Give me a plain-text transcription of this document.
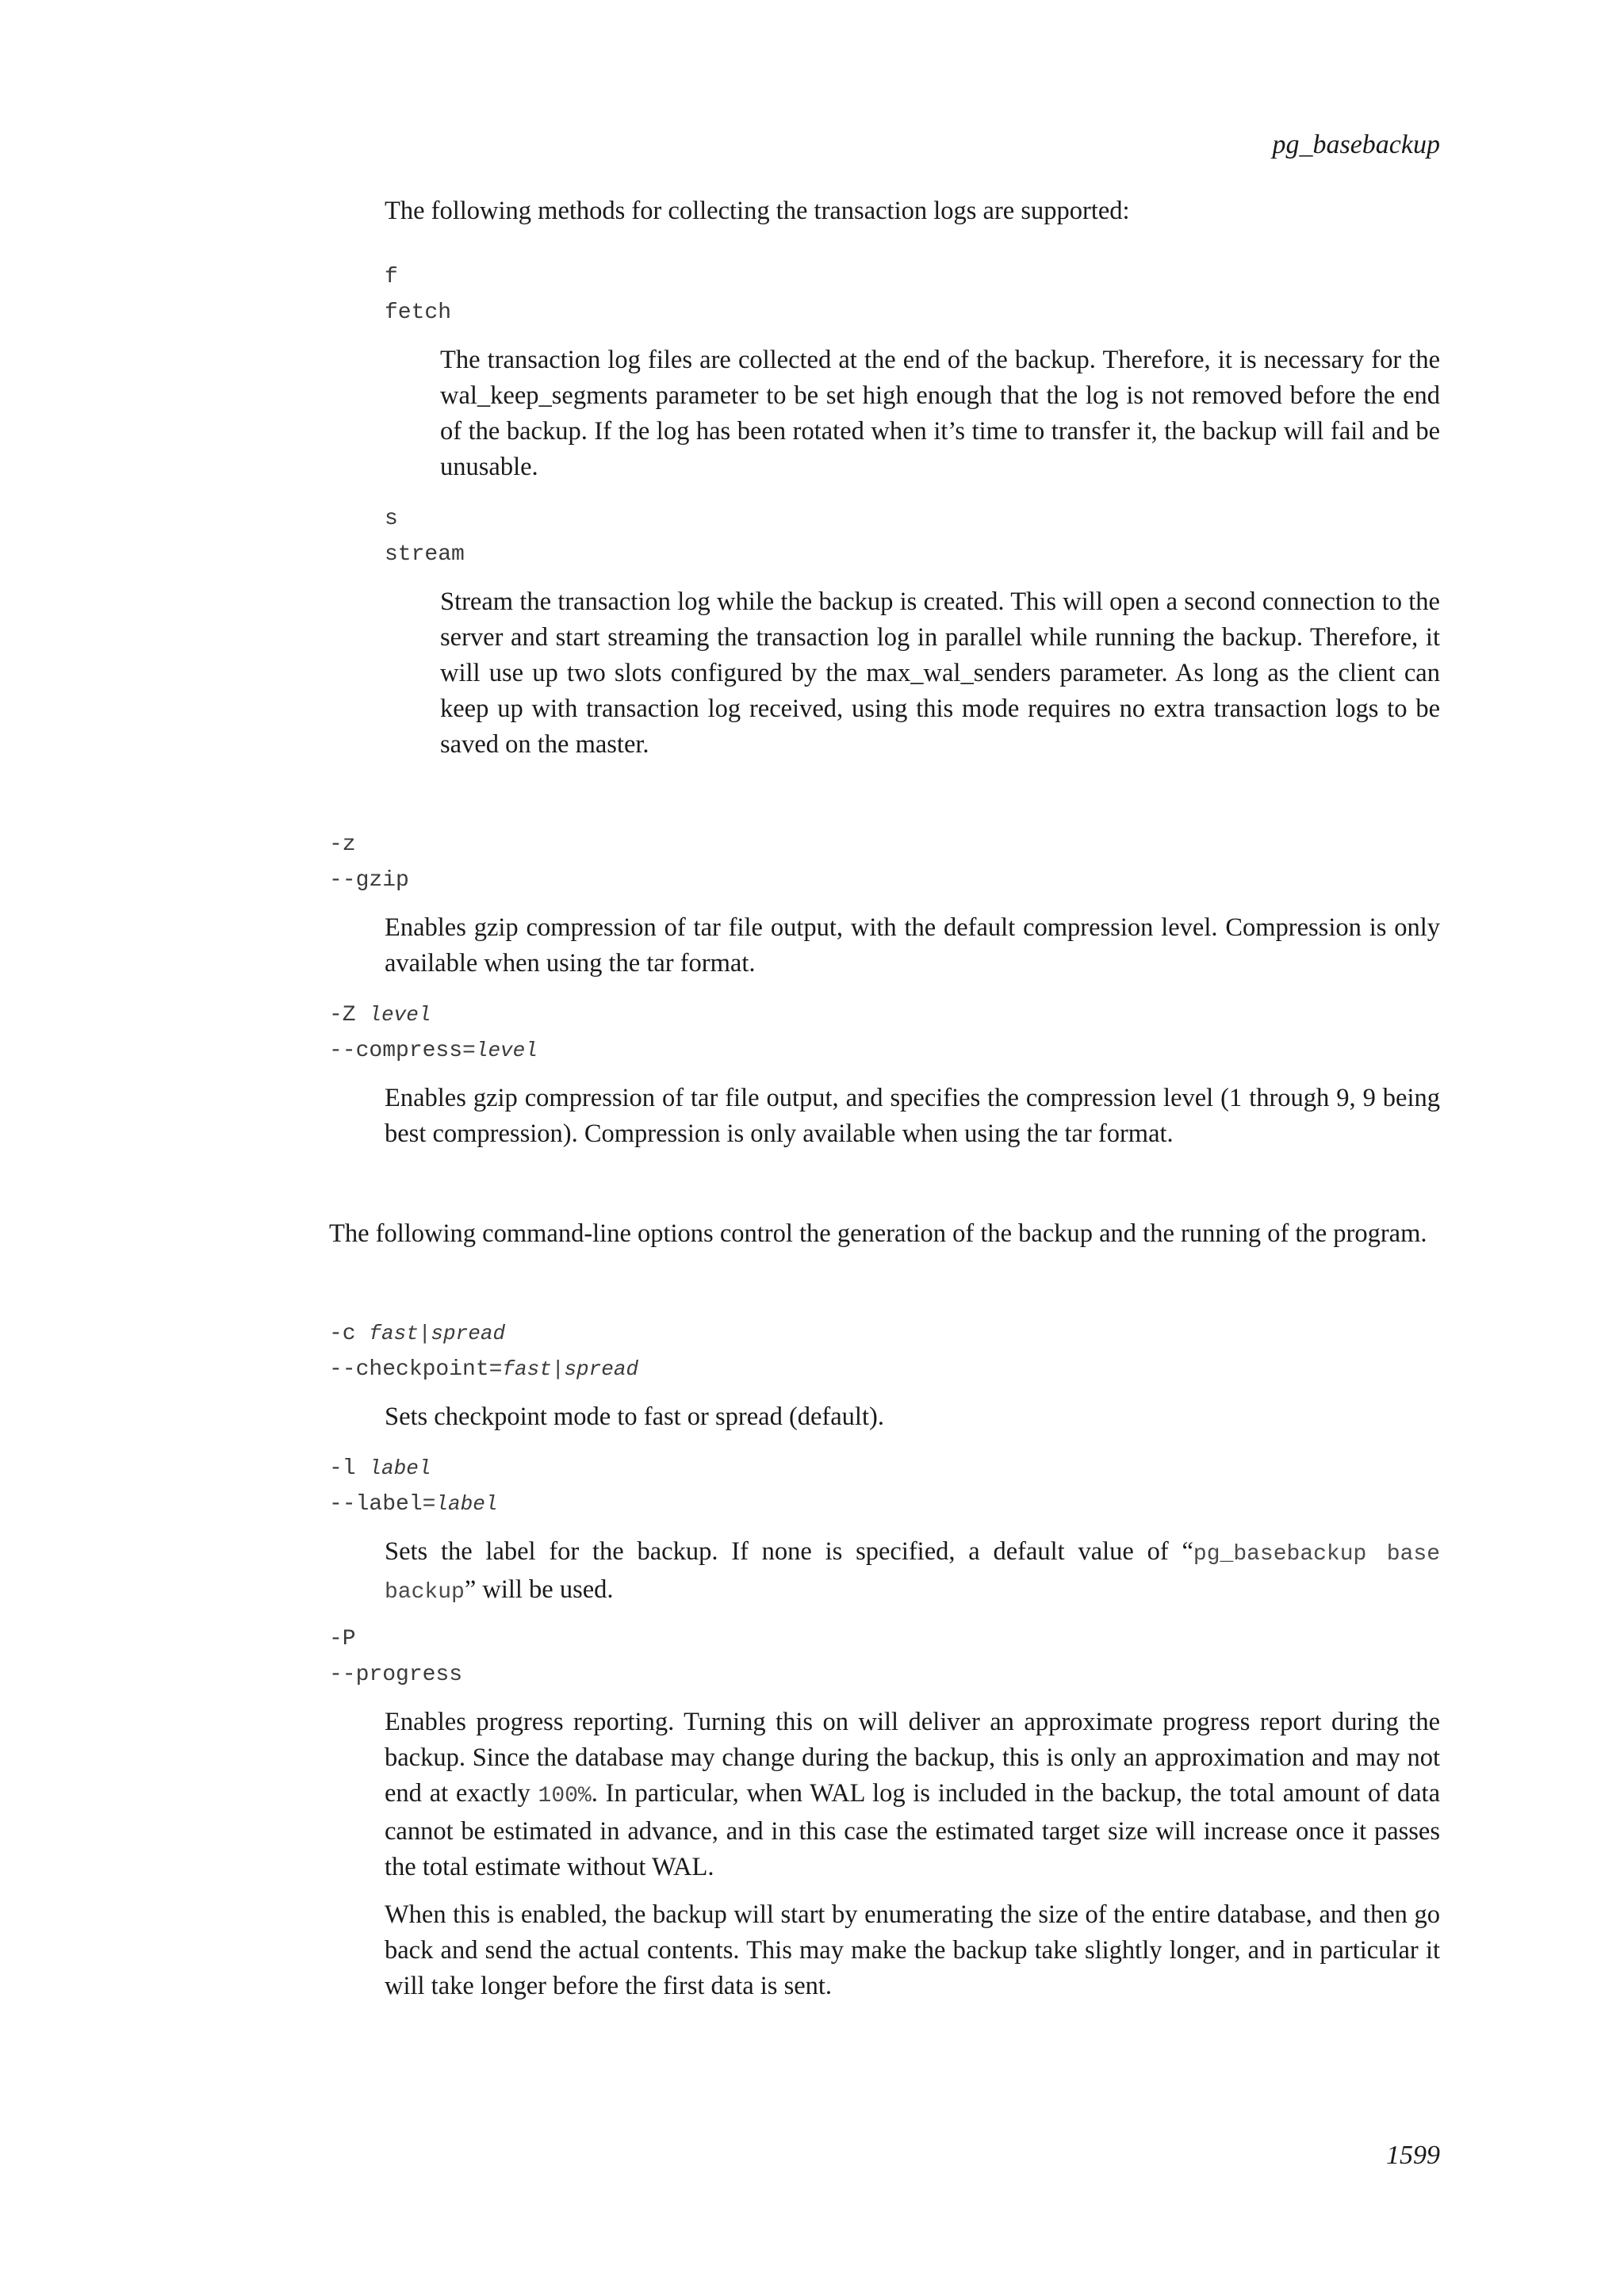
pg_basebackup

The following methods for collecting the transaction logs are supported:

f
fetch

The transaction log files are collected at the end of the backup. Therefore, it is necessary for the wal_keep_segments parameter to be set high enough that the log is not removed before the end of the backup. If the log has been rotated when it’s time to transfer it, the backup will fail and be unusable.

s
stream

Stream the transaction log while the backup is created. This will open a second connection to the server and start streaming the transaction log in parallel while running the backup. Therefore, it will use up two slots configured by the max_wal_senders parameter. As long as the client can keep up with transaction log received, using this mode requires no extra transaction logs to be saved on the master.

-z
--gzip

Enables gzip compression of tar file output, with the default compression level. Compression is only available when using the tar format.

-Z level
--compress=level

Enables gzip compression of tar file output, and specifies the compression level (1 through 9, 9 being best compression). Compression is only available when using the tar format.

The following command-line options control the generation of the backup and the running of the program.

-c fast|spread
--checkpoint=fast|spread

Sets checkpoint mode to fast or spread (default).

-l label
--label=label

Sets the label for the backup. If none is specified, a default value of “pg_basebackup base backup” will be used.

-P
--progress

Enables progress reporting. Turning this on will deliver an approximate progress report during the backup. Since the database may change during the backup, this is only an approximation and may not end at exactly 100%. In particular, when WAL log is included in the backup, the total amount of data cannot be estimated in advance, and in this case the estimated target size will increase once it passes the total estimate without WAL.

When this is enabled, the backup will start by enumerating the size of the entire database, and then go back and send the actual contents. This may make the backup take slightly longer, and in particular it will take longer before the first data is sent.

1599
